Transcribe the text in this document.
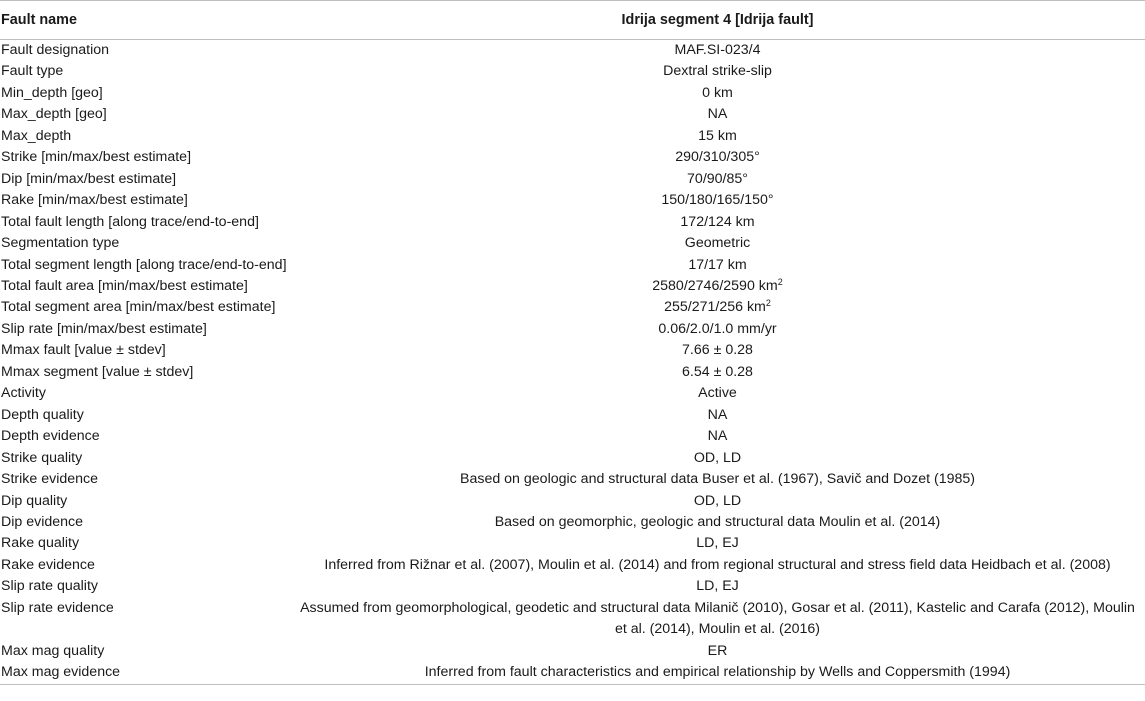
Fault name	Idrija segment 4 [Idrija fault]
Fault designation	MAF.SI-023/4
Fault type	Dextral strike-slip
Min_depth [geo]	0 km
Max_depth [geo]	NA
Max_depth	15 km
Strike [min/max/best estimate]	290/310/305°
Dip [min/max/best estimate]	70/90/85°
Rake [min/max/best estimate]	150/180/165/150°
Total fault length [along trace/end-to-end]	172/124 km
Segmentation type	Geometric
Total segment length [along trace/end-to-end]	17/17 km
Total fault area [min/max/best estimate]	2580/2746/2590 $km^2$
Total segment area [min/max/best estimate]	255/271/256 $km^2$
Slip rate [min/max/best estimate]	0.06/2.0/1.0 mm/yr
Mmax fault [value ± stdev]	7.66 ± 0.28
Mmax segment [value ± stdev]	6.54 ± 0.28
Activity	Active
Depth quality	NA
Depth evidence	NA
Strike quality	OD, LD
Strike evidence	Based on geologic and structural data Buser et al. (1967), Savič and Dozet (1985)
Dip quality	OD, LD
Dip evidence	Based on geomorphic, geologic and structural data Moulin et al. (2014)
Rake quality	LD, EJ
Rake evidence	Inferred from Rižnar et al. (2007), Moulin et al. (2014) and from regional structural and stress field data Heidbach et al. (2008)
Slip rate quality	LD, EJ
Slip rate evidence	Assumed from geomorphological, geodetic and structural data Milanič (2010), Gosar et al. (2011), Kastelic and Carafa (2012), Moulin et al. (2014), Moulin et al. (2016)
Max mag quality	ER
Max mag evidence	Inferred from fault characteristics and empirical relationship by Wells and Coppersmith (1994)
